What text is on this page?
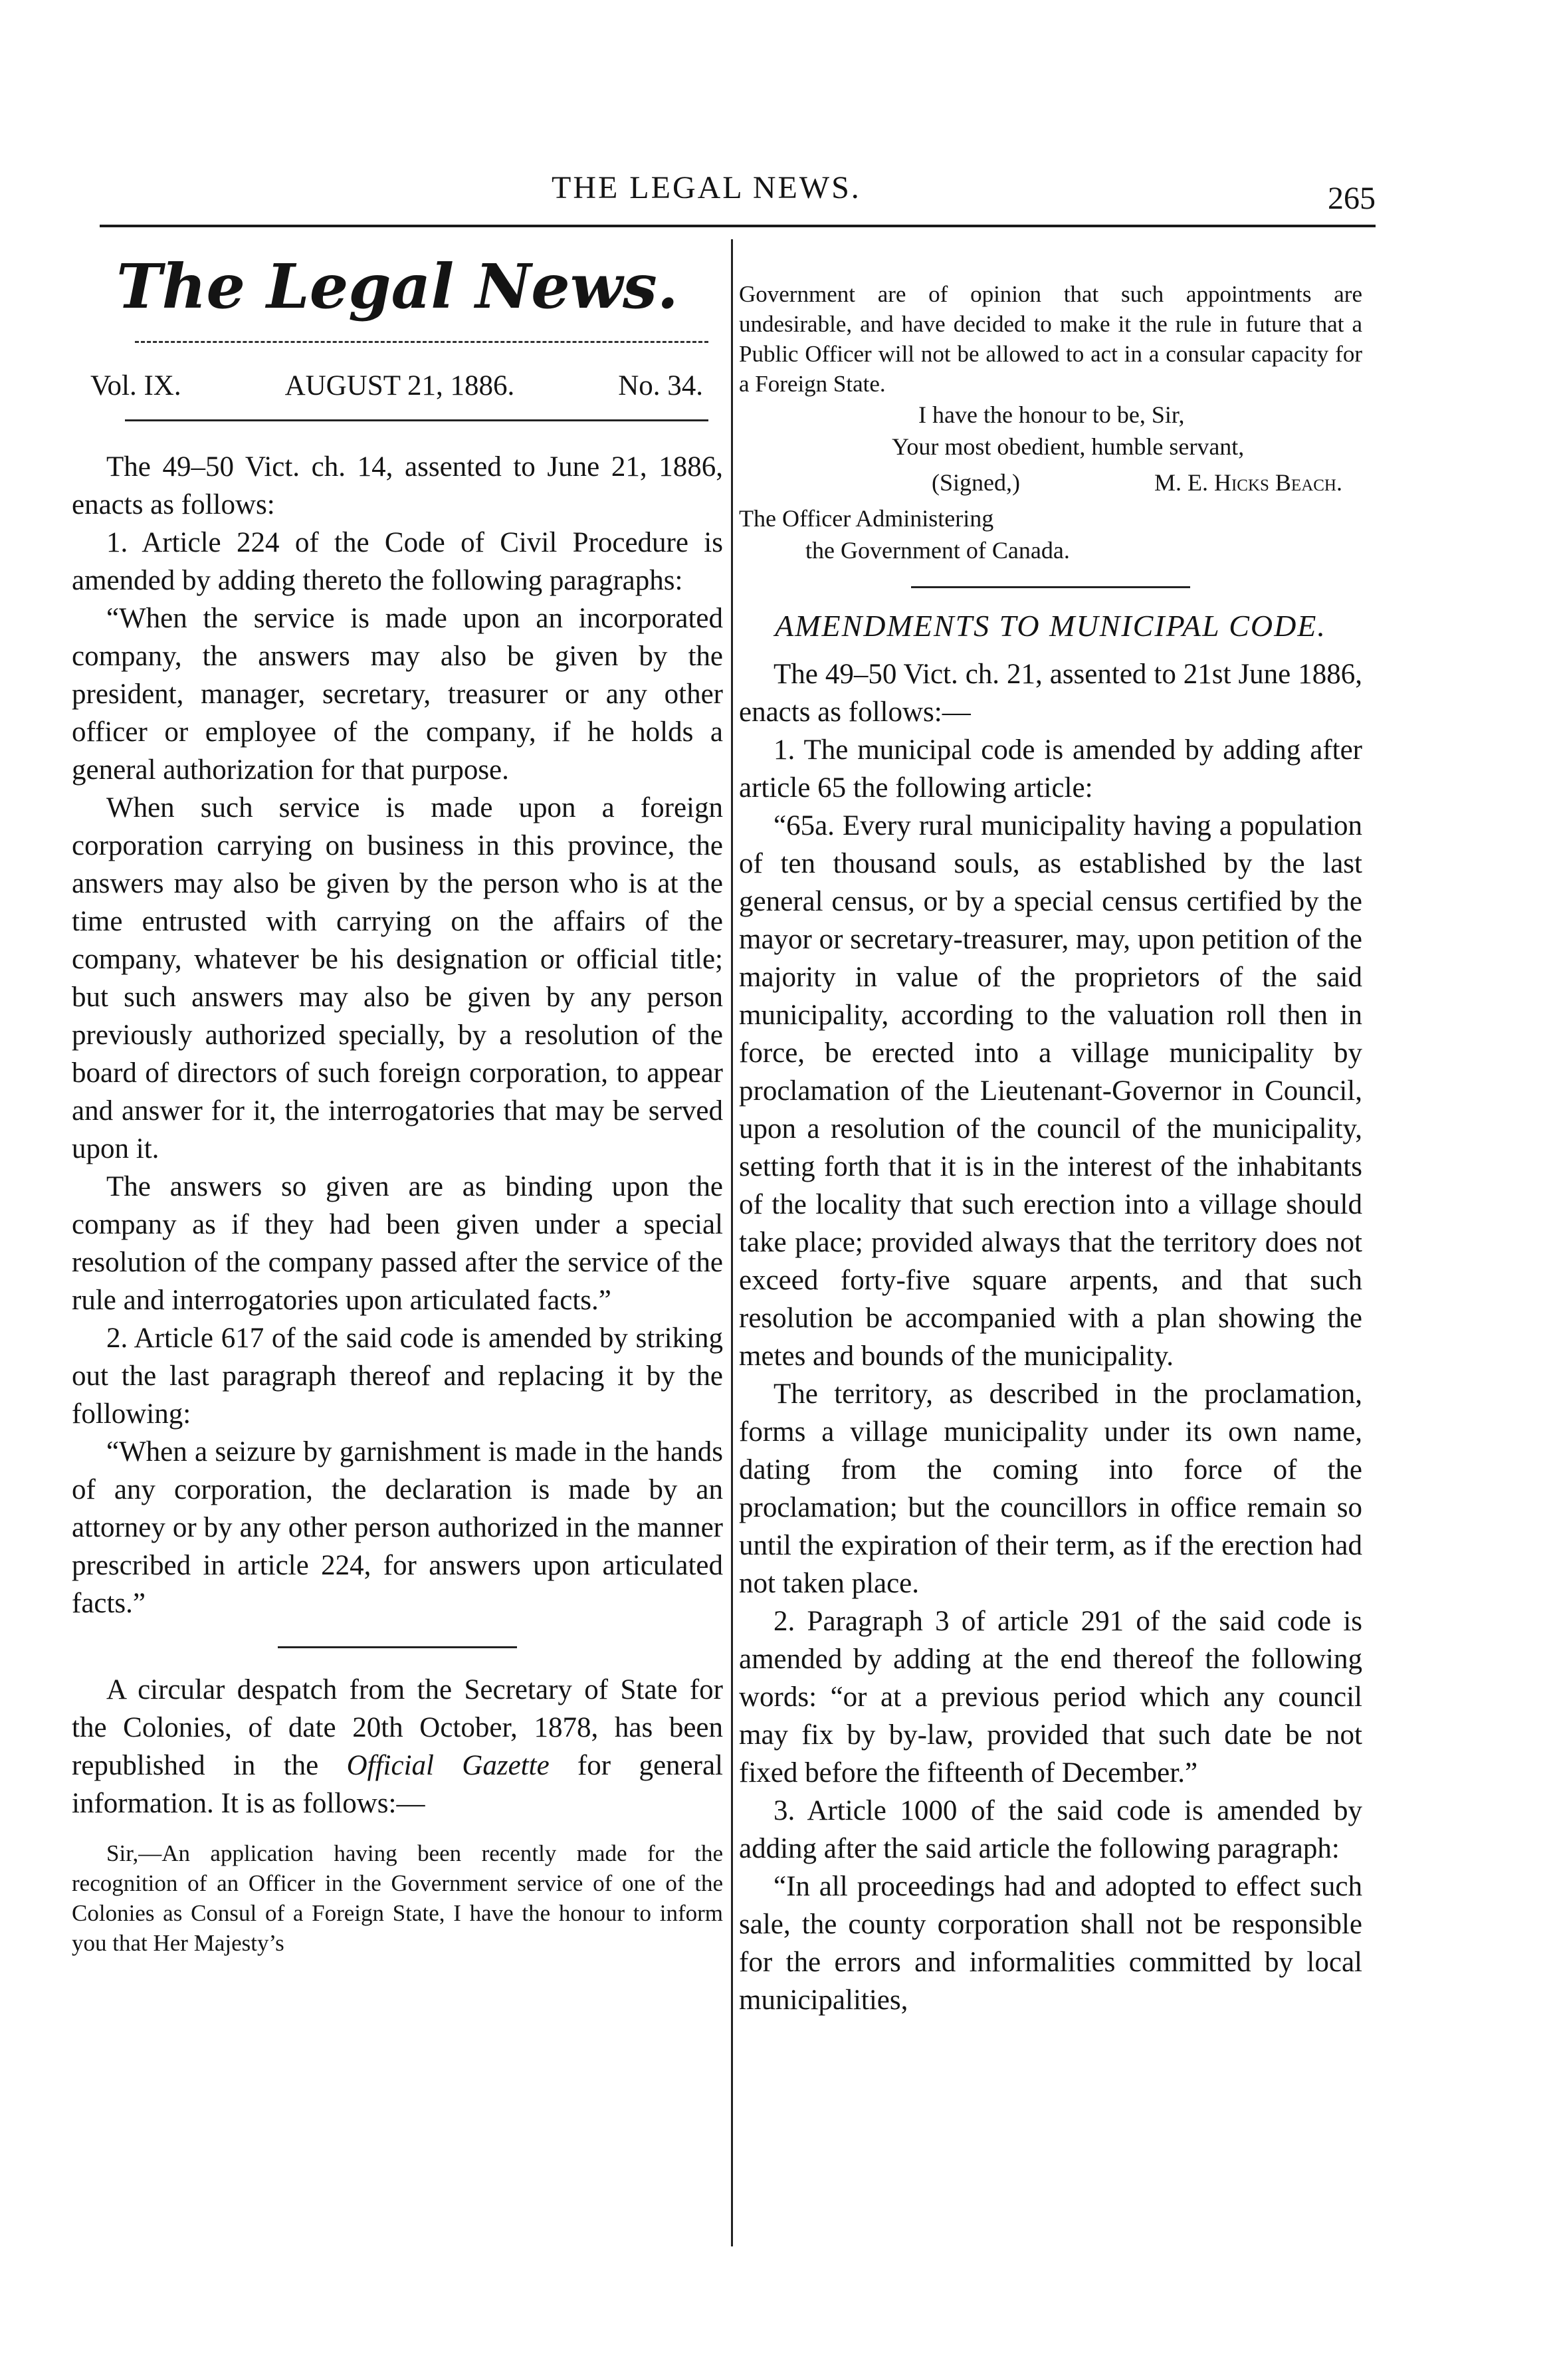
THE LEGAL NEWS.	265
The Legal News.
Vol. IX.	AUGUST 21, 1886.	No. 34.

The 49–50 Vict. ch. 14, assented to June 21, 1886, enacts as follows:

1. Article 224 of the Code of Civil Procedure is amended by adding thereto the following paragraphs:

“When the service is made upon an incorporated company, the answers may also be given by the president, manager, secretary, treasurer or any other officer or employee of the company, if he holds a general authorization for that purpose.

When such service is made upon a foreign corporation carrying on business in this province, the answers may also be given by the person who is at the time entrusted with carrying on the affairs of the company, whatever be his designation or official title; but such answers may also be given by any person previously authorized specially, by a resolution of the board of directors of such foreign corporation, to appear and answer for it, the interrogatories that may be served upon it.

The answers so given are as binding upon the company as if they had been given under a special resolution of the company passed after the service of the rule and interrogatories upon articulated facts.”

2. Article 617 of the said code is amended by striking out the last paragraph thereof and replacing it by the following:

“When a seizure by garnishment is made in the hands of any corporation, the declaration is made by an attorney or by any other person authorized in the manner prescribed in article 224, for answers upon articulated facts.”

A circular despatch from the Secretary of State for the Colonies, of date 20th October, 1878, has been republished in the Official Gazette for general information. It is as follows:—

Sir,—An application having been recently made for the recognition of an Officer in the Government service of one of the Colonies as Consul of a Foreign State, I have the honour to inform you that Her Majesty’s

Government are of opinion that such appointments are undesirable, and have decided to make it the rule in future that a Public Officer will not be allowed to act in a consular capacity for a Foreign State.

I have the honour to be, Sir,
Your most obedient, humble servant,
(Signed,)	M. E. Hicks Beach.
The Officer Administering
the Government of Canada.
AMENDMENTS TO MUNICIPAL CODE.

The 49–50 Vict. ch. 21, assented to 21st June 1886, enacts as follows:—

1. The municipal code is amended by adding after article 65 the following article:

“65a. Every rural municipality having a population of ten thousand souls, as established by the last general census, or by a special census certified by the mayor or secretary-treasurer, may, upon petition of the majority in value of the proprietors of the said municipality, according to the valuation roll then in force, be erected into a village municipality by proclamation of the Lieutenant-Governor in Council, upon a resolution of the council of the municipality, setting forth that it is in the interest of the inhabitants of the locality that such erection into a village should take place; provided always that the territory does not exceed forty-five square arpents, and that such resolution be accompanied with a plan showing the metes and bounds of the municipality.

The territory, as described in the proclamation, forms a village municipality under its own name, dating from the coming into force of the proclamation; but the councillors in office remain so until the expiration of their term, as if the erection had not taken place.

2. Paragraph 3 of article 291 of the said code is amended by adding at the end thereof the following words: “or at a previous period which any council may fix by by-law, provided that such date be not fixed before the fifteenth of December.”

3. Article 1000 of the said code is amended by adding after the said article the following paragraph:

“In all proceedings had and adopted to effect such sale, the county corporation shall not be responsible for the errors and informalities committed by local municipalities,
